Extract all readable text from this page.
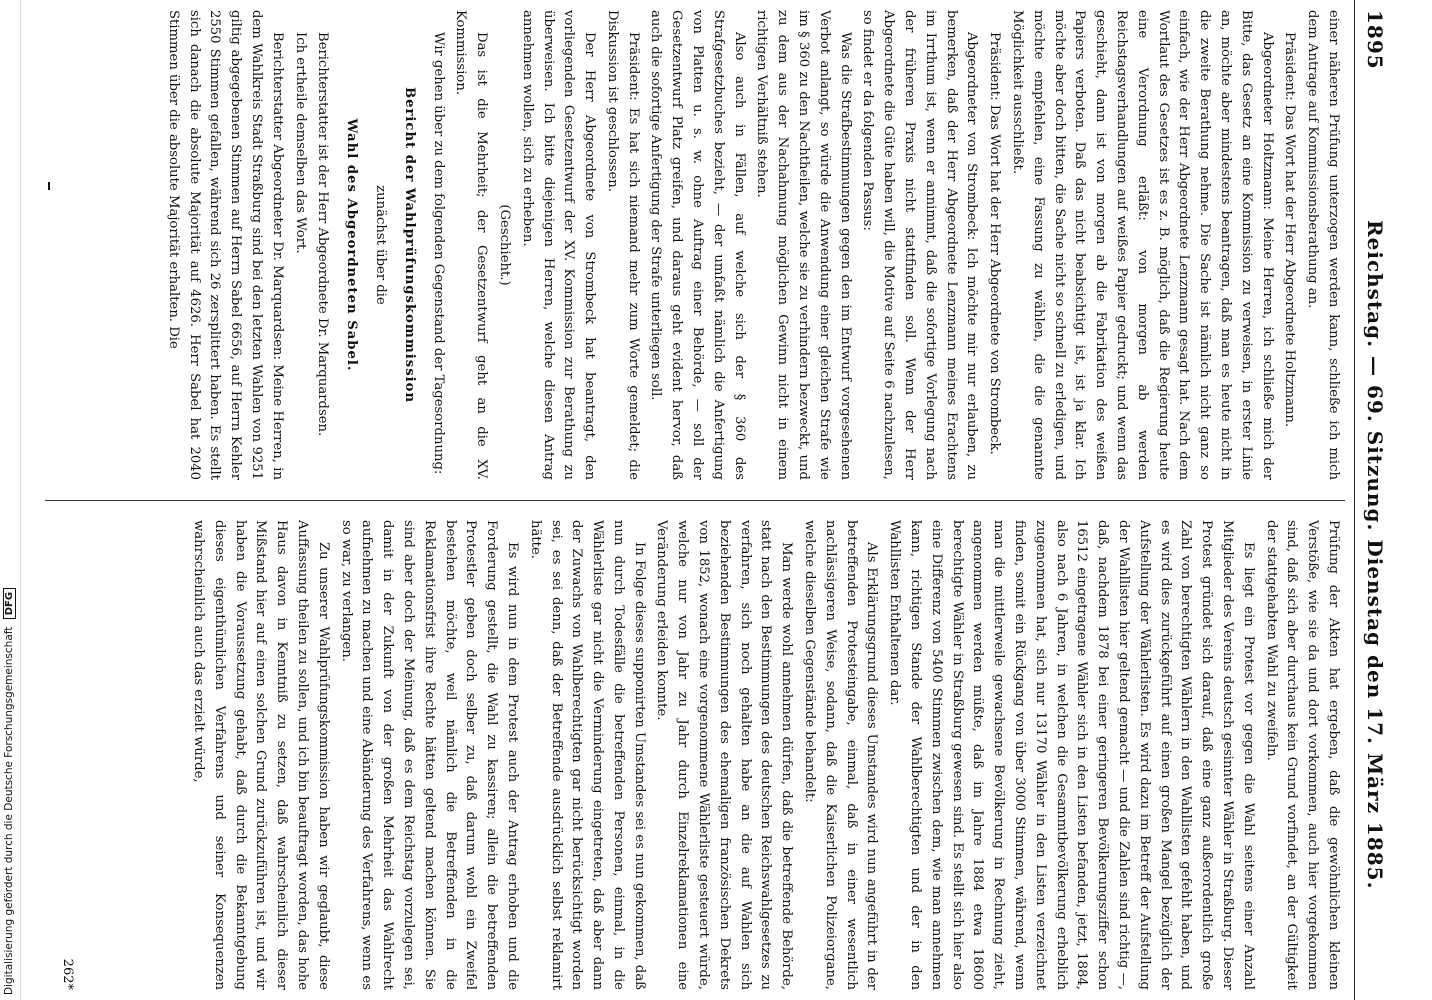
Digitalisierung gefördert durch die Deutsche Forschungsgemeinschaft DFG
1895
Reichstag. — 69. Sitzung. Dienstag den 17. März 1885.

einer näheren Prüfung unterzogen werden kann, schließe ich mich dem Antrage auf Kommissionsberathung an.

Präsident: Das Wort hat der Herr Abgeordnete Holtzmann.

Abgeordneter Holtzmann: Meine Herren, ich schließe mich der Bitte, das Gesetz an eine Kommission zu verweisen, in erster Linie an, möchte aber mindestens beantragen, daß man es heute nicht in die zweite Berathung nehme. Die Sache ist nämlich nicht ganz so einfach, wie der Herr Abgeordnete Lenzmann gesagt hat. Nach dem Wortlaut des Gesetzes ist es z. B. möglich, daß die Regierung heute eine Verordnung erläßt: von morgen ab werden Reichstagsverhandlungen auf weißes Papier gedruckt; und wenn das geschieht, dann ist von morgen ab die Fabrikation des weißen Papiers verboten. Daß das nicht beabsichtigt ist, ist ja klar. Ich möchte aber doch bitten, die Sache nicht so schnell zu erledigen, und möchte empfehlen, eine Fassung zu wählen, die die genannte Möglichkeit ausschließt.

Präsident: Das Wort hat der Herr Abgeordnete von Strombeck.

Abgeordneter von Strombeck: Ich möchte mir nur erlauben, zu bemerken, daß der Herr Abgeordnete Lenzmann meines Erachtens im Irrthum ist, wenn er annimmt, daß die sofortige Vorlegung nach der früheren Praxis nicht stattfinden soll. Wenn der Herr Abgeordnete die Güte haben will, die Motive auf Seite 6 nachzulesen, so findet er da folgenden Passus:

Was die Strafbestimmungen gegen den im Entwurf vorgesehenen Verbot anlangt, so würde die Anwendung einer gleichen Strafe wie im § 360 zu den Nachtheilen, welche sie zu verhindern bezweckt, und zu dem aus der Nachahmung möglichen Gewinn nicht in einem richtigen Verhältniß stehen.

Also auch in Fällen, auf welche sich der § 360 des Strafgesetzbuches bezieht, — der umfaßt nämlich die Anfertigung von Platten u. s. w. ohne Auftrag einer Behörde, — soll der Gesetzentwurf Platz greifen, und daraus geht evident hervor, daß auch die sofortige Anfertigung der Strafe unterliegen soll.

Präsident: Es hat sich niemand mehr zum Worte gemeldet; die Diskussion ist geschlossen.

Der Herr Abgeordnete von Strombeck hat beantragt, den vorliegenden Gesetzentwurf der XV. Kommission zur Berathung zu überweisen. Ich bitte diejenigen Herren, welche diesen Antrag annehmen wollen, sich zu erheben.

(Geschieht.)

Das ist die Mehrheit; der Gesetzentwurf geht an die XV. Kommission.

Wir gehen über zu dem folgenden Gegenstand der Tagesordnung:

Bericht der Wahlprüfungskommission

zunächst über die

Wahl des Abgeordneten Sabel.

Berichterstatter ist der Herr Abgeordnete Dr. Marquardsen.

Ich ertheile demselben das Wort.

Berichterstatter Abgeordneter Dr. Marquardsen: Meine Herren, in dem Wahlkreis Stadt Straßburg sind bei den letzten Wahlen von 9251 giltig abgegebenen Stimmen auf Herrn Sabel 6656, auf Herrn Kehler 2550 Stimmen gefallen, während sich 26 zersplittert haben. Es stellt sich danach die absolute Majorität auf 4626. Herr Sabel hat 2040 Stimmen über die absolute Majorität erhalten. Die

Prüfung der Akten hat ergeben, daß die gewöhnlichen kleinen Verstöße, wie sie da und dort vorkommen, auch hier vorgekommen sind, daß sich aber durchaus kein Grund vorfindet, an der Gültigkeit der stattgehabten Wahl zu zweifeln.

Es liegt ein Protest vor gegen die Wahl seitens einer Anzahl Mitglieder des Vereins deutsch gesinnter Wähler in Straßburg. Dieser Protest gründet sich darauf, daß eine ganz außerordentlich große Zahl von berechtigten Wählern in den Wahllisten gefehlt haben, und es wird dies zurückgeführt auf einen großen Mangel bezüglich der Aufstellung der Wählerlisten. Es wird dazu im Betreff der Aufstellung der Wahllisten hier geltend gemacht — und die Zahlen sind richtig —, daß, nachdem 1878 bei einer geringeren Bevölkerungsziffer schon 16512 eingetragene Wähler sich in den Listen befanden, jetzt, 1884, also nach 6 Jahren, in welchen die Gesammtbevölkerung erheblich zugenommen hat, sich nur 13170 Wähler in den Listen verzeichnet finden, somit ein Rückgang von über 3000 Stimmen, während, wenn man die mittlerweile gewachsene Bevölkerung in Rechnung zieht, angenommen werden müßte, daß im Jahre 1884 etwa 18600 berechtigte Wähler in Straßburg gewesen sind. Es stellt sich hier also eine Differenz von 5400 Stimmen zwischen dem, wie man annehmen kann, richtigen Stande der Wahlberechtigten und der in den Wahllisten Enthaltenen dar.

Als Erklärungsgrund dieses Umstandes wird nun angeführt in der betreffenden Protesteingabe, einmal, daß in einer wesentlich nachlässigeren Weise, sodann, daß die Kaiserlichen Polizeiorgane, welche dieselben Gegenstände behandelt:

Man werde wohl annehmen dürfen, daß die betreffende Behörde, statt nach den Bestimmungen des deutschen Reichswahlgesetzes zu verfahren, sich noch gehalten habe an die auf Wahlen sich beziehenden Bestimmungen des ehemaligen französischen Dekrets von 1852, wonach eine vorgenommene Wählerliste gesteuert würde, welche nur von Jahr zu Jahr durch Einzelreklamationen eine Veränderung erleiden konnte.

In Folge dieses supponirten Umstandes sei es nun gekommen, daß nun durch Todesfälle die betreffenden Personen, einmal, in die Wählerliste gar nicht die Verminderung eingetreten, daß aber dann der Zuwachs von Wahlberechtigten gar nicht berücksichtigt worden sei, es sei denn, daß der Betreffende ausdrücklich selbst reklamirt hätte.

Es wird nun in dem Protest auch der Antrag erhoben und die Forderung gestellt, die Wahl zu kassiren; allein die betreffenden Protestler geben doch selber zu, daß darum wohl ein Zweifel bestehen möchte, weil nämlich die Betreffenden in die Reklamationsfrist ihre Rechte hätten geltend machen können. Sie sind aber doch der Meinung, daß es dem Reichstag vorzulegen sei, damit in der Zukunft von der großen Mehrheit das Wahlrecht aufnehmen zu machen und eine Abänderung des Verfahrens, wenn es so war, zu verlangen.

Zu unserer Wahlprüfungskommission haben wir geglaubt, diese Auffassung theilen zu sollen, und ich bin beauftragt worden, das hohe Haus davon in Kenntniß zu setzen, daß wahrscheinlich dieser Mißstand hier auf einen solchen Grund zurückzuführen ist, und wir haben die Voraussetzung gehabt, daß durch die Bekanntgebung dieses eigenthümlichen Verfahrens und seiner Konsequenzen wahrscheinlich auch das erzielt würde,

262*
